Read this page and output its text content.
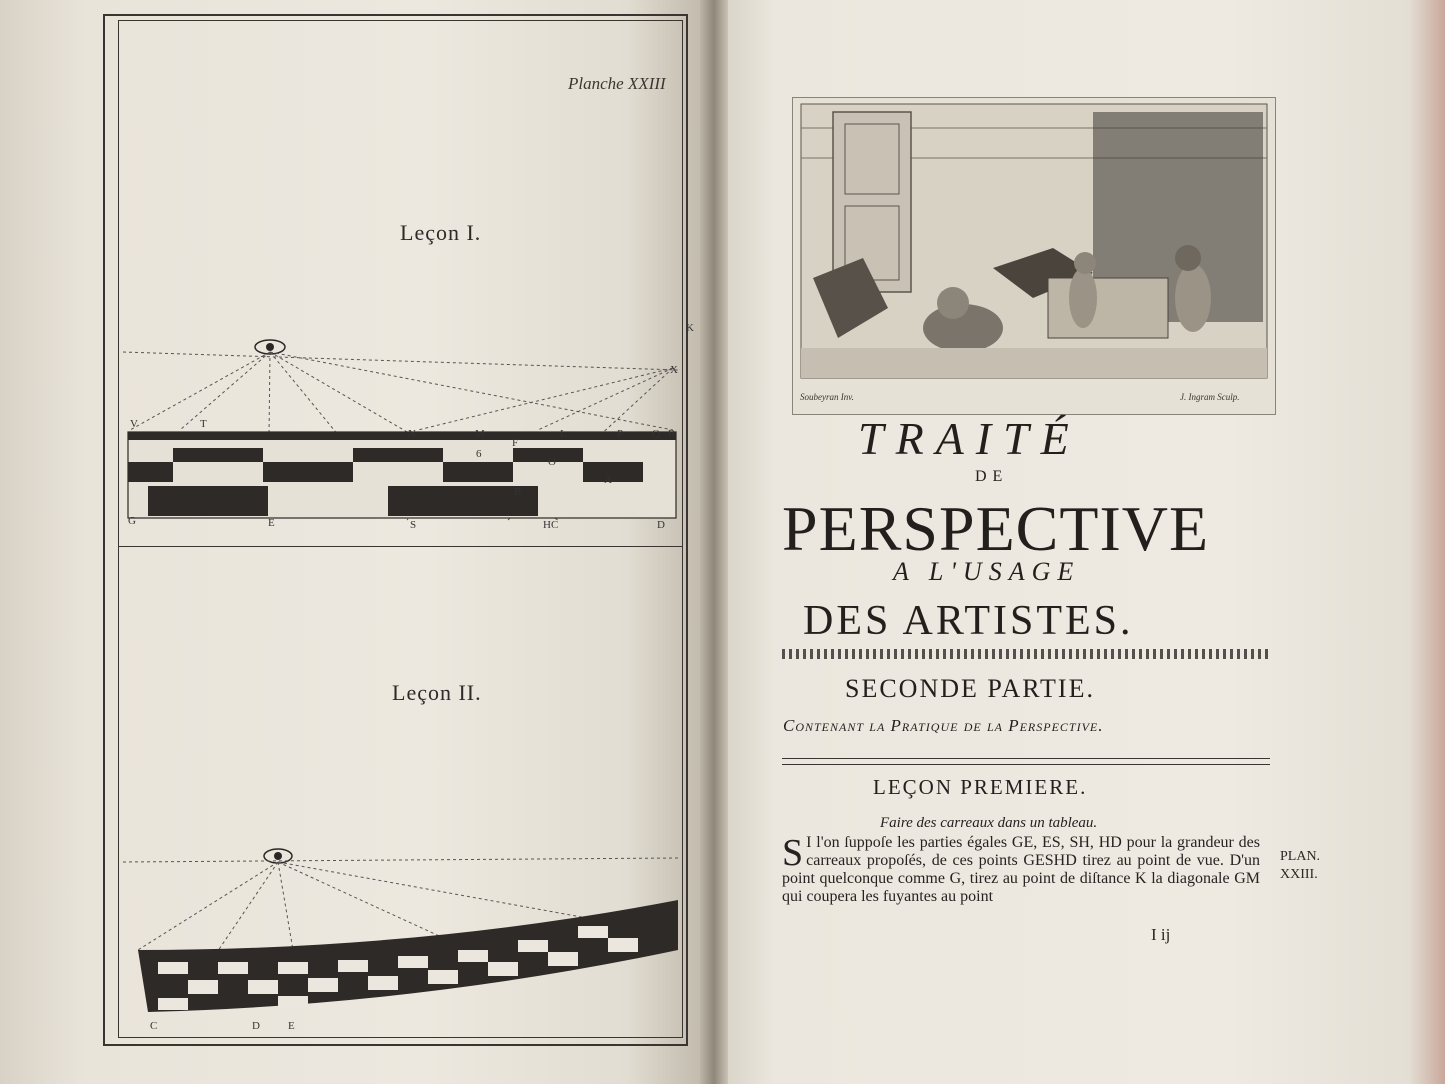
Planche XXIII
Leçon I.
V	T
N	M
F
L	P	Q R
6
O
A
B
G	E	S	HC	D
K
X
Leçon II.
C	D	E
Soubeyran Inv.	J. Ingram Sculp.
TRAITÉ
DE
PERSPECTIVE
A L'USAGE
DES ARTISTES.
SECONDE PARTIE.
Contenant la Pratique de la Perspective.
LEÇON PREMIERE.
Faire des carreaux dans un tableau.
S I l'on ſuppoſe les parties égales GE, ES, SH, HD pour la grandeur des carreaux propoſés, de ces points GESHD tirez au point de vue. D'un point quelconque comme G, tirez au point de diſtance K la diagonale GM qui coupera les fuyantes au point
PLAN.
XXIII.
I ij
